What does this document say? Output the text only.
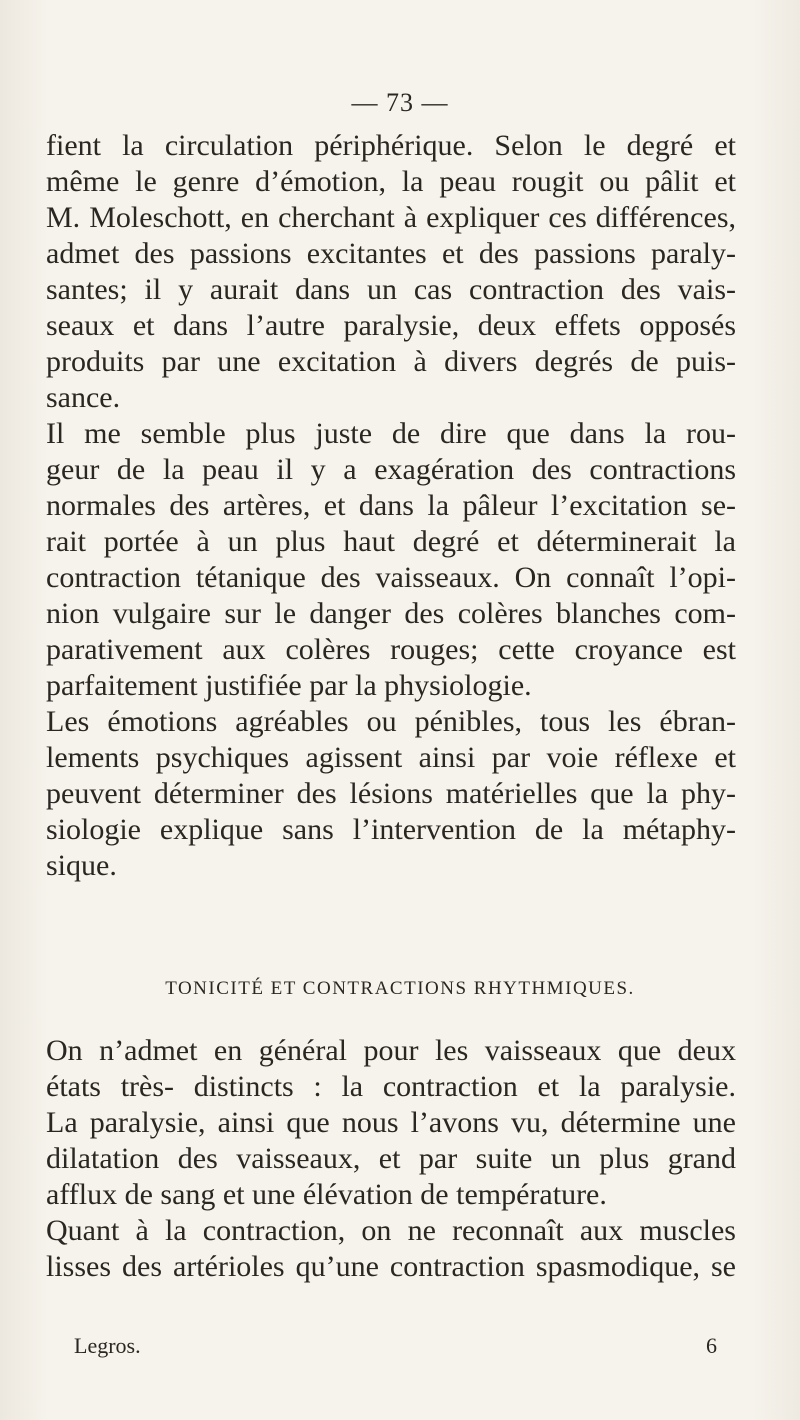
— 73 —
fient la circulation périphérique. Selon le degré et
même le genre d’émotion, la peau rougit ou pâlit et
M. Moleschott, en cherchant à expliquer ces différences,
admet des passions excitantes et des passions paraly-
santes; il y aurait dans un cas contraction des vais-
seaux et dans l’autre paralysie, deux effets opposés
produits par une excitation à divers degrés de puis-
sance.
Il me semble plus juste de dire que dans la rou-
geur de la peau il y a exagération des contractions
normales des artères, et dans la pâleur l’excitation se-
rait portée à un plus haut degré et déterminerait la
contraction tétanique des vaisseaux. On connaît l’opi-
nion vulgaire sur le danger des colères blanches com-
parativement aux colères rouges; cette croyance est
parfaitement justifiée par la physiologie.
Les émotions agréables ou pénibles, tous les ébran-
lements psychiques agissent ainsi par voie réflexe et
peuvent déterminer des lésions matérielles que la phy-
siologie explique sans l’intervention de la métaphy-
sique.
TONICITÉ ET CONTRACTIONS RHYTHMIQUES.
On n’admet en général pour les vaisseaux que deux
états très- distincts : la contraction et la paralysie.
La paralysie, ainsi que nous l’avons vu, détermine une
dilatation des vaisseaux, et par suite un plus grand
afflux de sang et une élévation de température.
Quant à la contraction, on ne reconnaît aux muscles
lisses des artérioles qu’une contraction spasmodique, se
Legros.	6
